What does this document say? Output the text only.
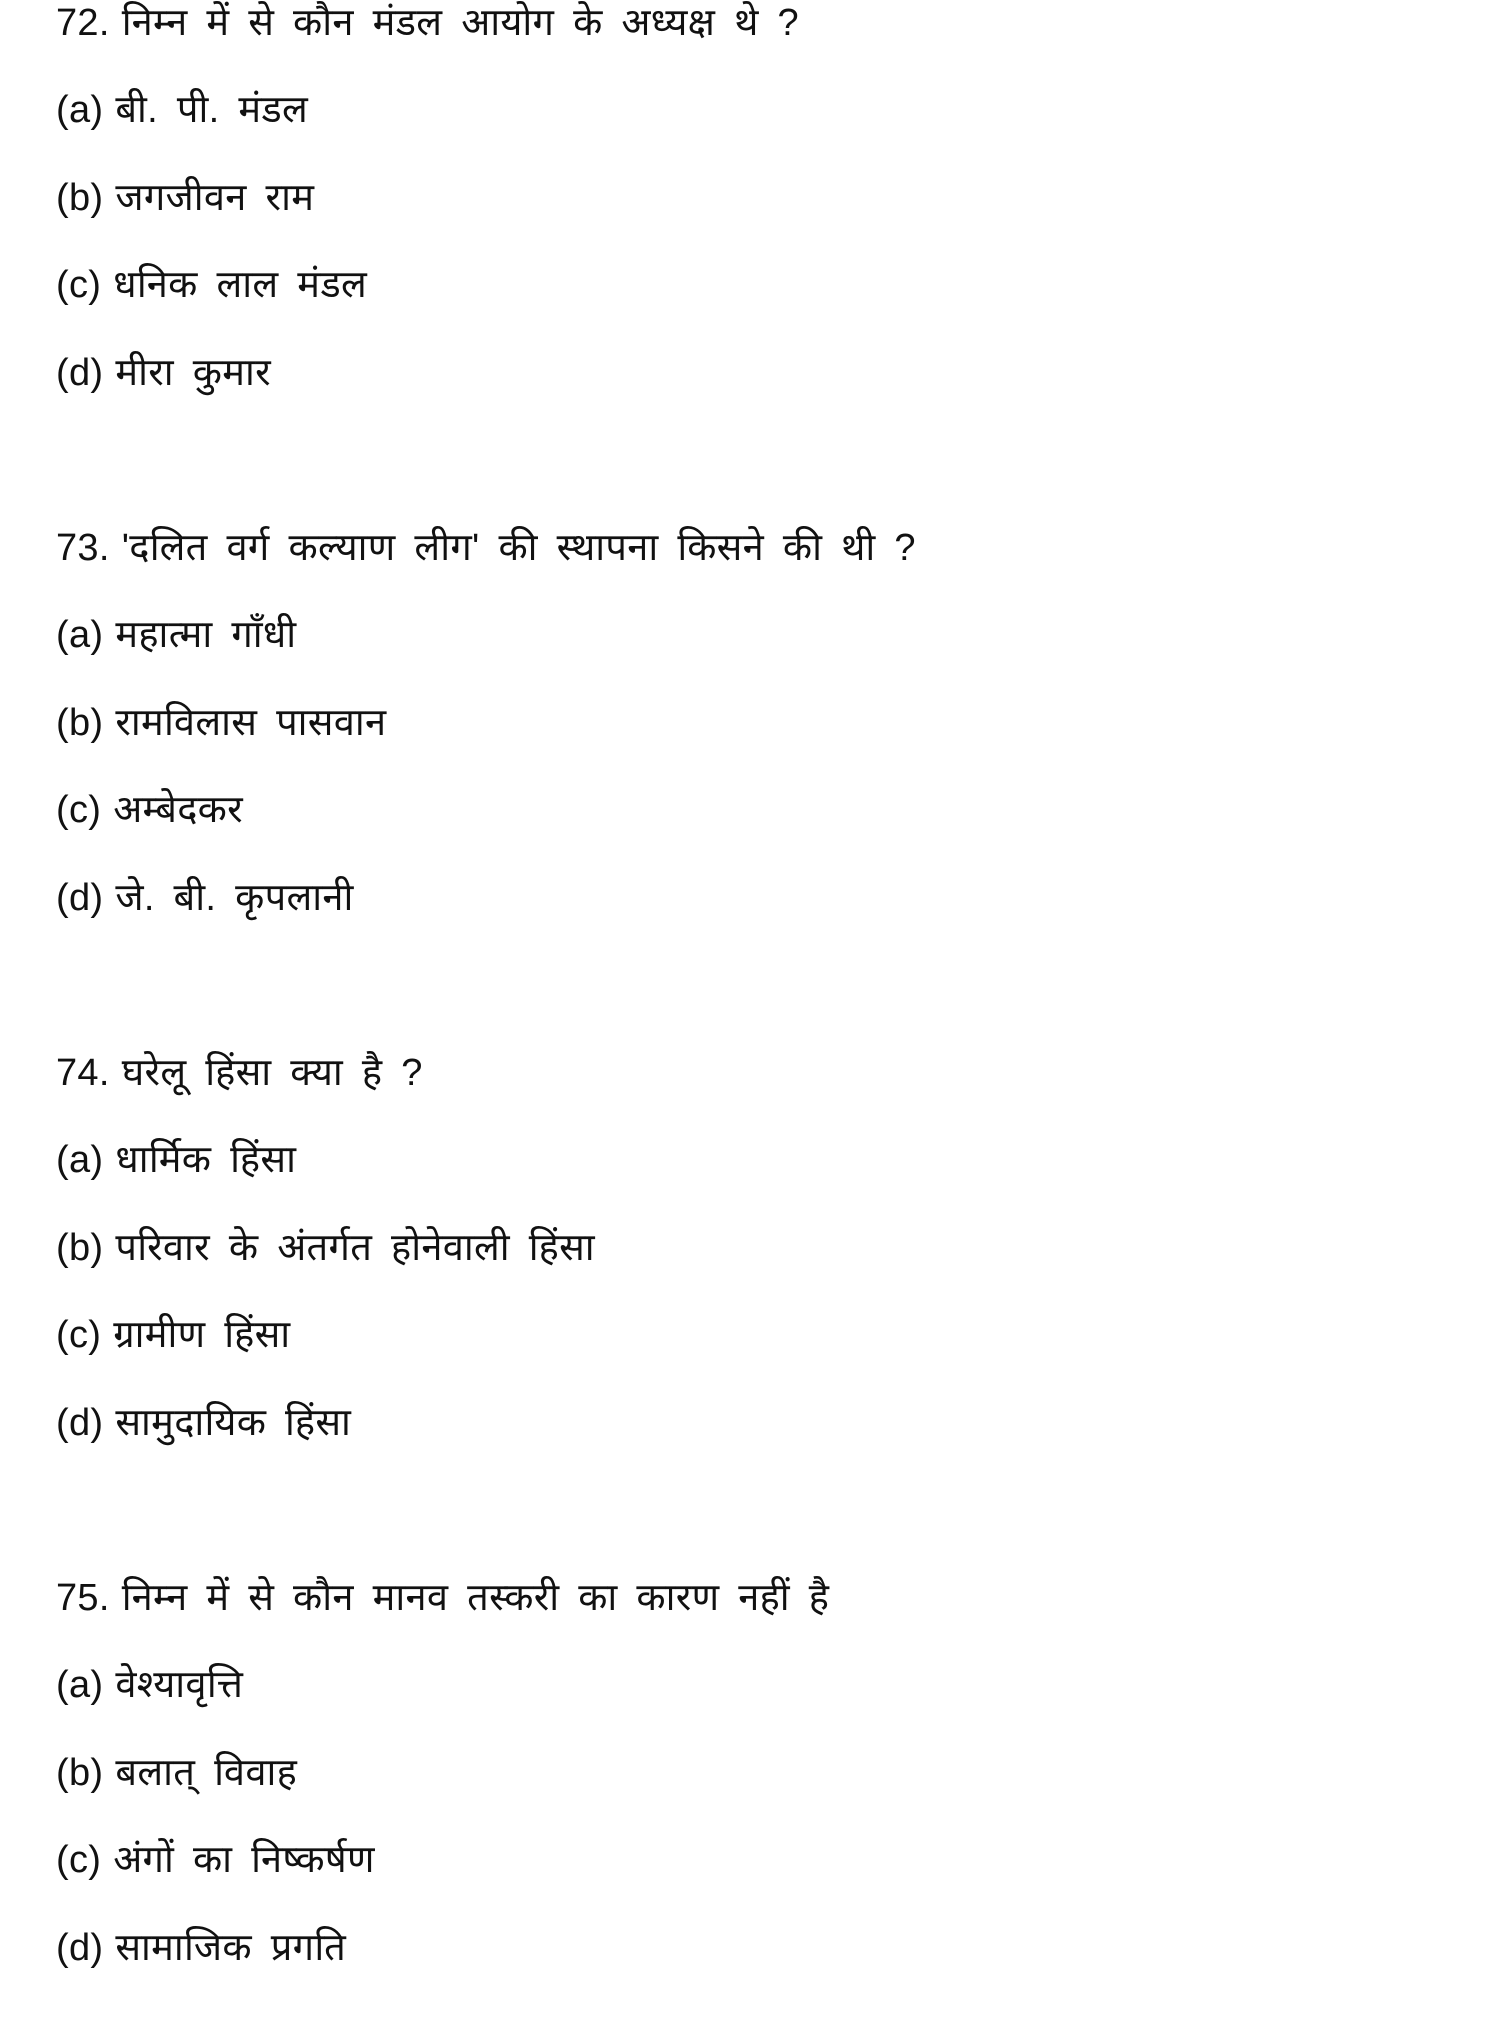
72. निम्न में से कौन मंडल आयोग के अध्यक्ष थे ?
(a) बी. पी. मंडल
(b) जगजीवन राम
(c) धनिक लाल मंडल
(d) मीरा कुमार
73. 'दलित वर्ग कल्याण लीग' की स्थापना किसने की थी ?
(a) महात्मा गाँधी
(b) रामविलास पासवान
(c) अम्बेदकर
(d) जे. बी. कृपलानी
74. घरेलू हिंसा क्या है ?
(a) धार्मिक हिंसा
(b) परिवार के अंतर्गत होनेवाली हिंसा
(c) ग्रामीण हिंसा
(d) सामुदायिक हिंसा
75. निम्न में से कौन मानव तस्करी का कारण नहीं है
(a) वेश्यावृत्ति
(b) बलात् विवाह
(c) अंगों का निष्कर्षण
(d) सामाजिक प्रगति
